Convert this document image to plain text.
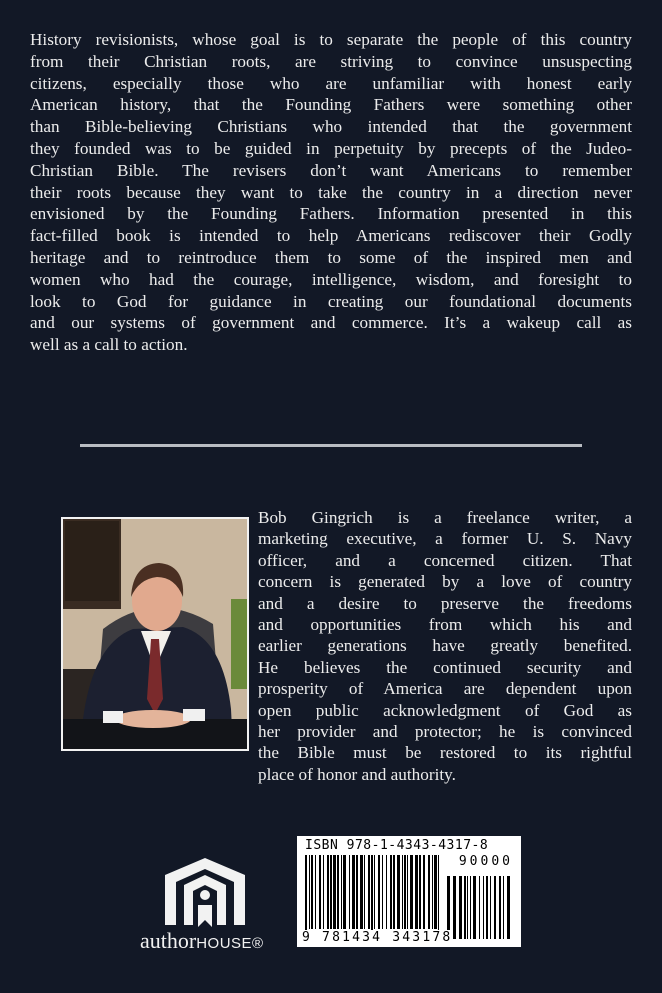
History revisionists, whose goal is to separate the people of this country
from their Christian roots, are striving to convince unsuspecting
citizens, especially those who are unfamiliar with honest early
American history, that the Founding Fathers were something other
than Bible-believing Christians who intended that the government
they founded was to be guided in perpetuity by precepts of the Judeo-
Christian Bible. The revisers don’t want Americans to remember
their roots because they want to take the country in a direction never
envisioned by the Founding Fathers. Information presented in this
fact-filled book is intended to help Americans rediscover their Godly
heritage and to reintroduce them to some of the inspired men and
women who had the courage, intelligence, wisdom, and foresight to
look to God for guidance in creating our foundational documents
and our systems of government and commerce. It’s a wakeup call as
well as a call to action.
Bob Gingrich is a freelance writer, a
marketing executive, a former U. S. Navy
officer, and a concerned citizen. That
concern is generated by a love of country
and a desire to preserve the freedoms
and opportunities from which his and
earlier generations have greatly benefited.
He believes the continued security and
prosperity of America are dependent upon
open public acknowledgment of God as
her provider and protector; he is convinced
the Bible must be restored to its rightful
place of honor and authority.
authorHOUSE®
ISBN 978-1-4343-4317-8
90000
9 781434 343178
